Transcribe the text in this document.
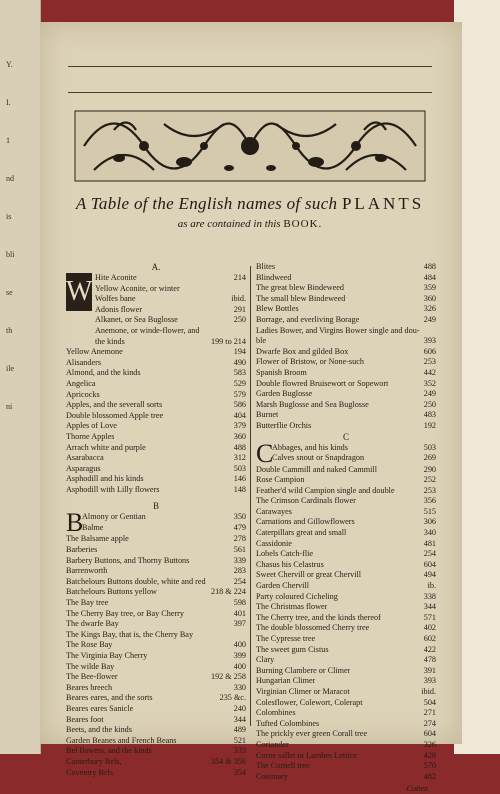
Y.
I.
1
nd
is
bli
se
th
ile
ni
A Table of the English names of such PLANTS
as are contained in this BOOK.
A.
W Hite Aconite	214
Yellow Aconite, or winter
Wolfes bane	ibid.
Adonis flower	291
Alkanet, or Sea Buglosse	250
Anemone, or winde-flower, and
the kinds	199 to 214
Yellow Anemone	194
Alisanders	490
Almond, and the kinds	583
Angelica	529
Apricocks	579
Apples, and the severall sorts	586
Double blossomed Apple tree	404
Apples of Love	379
Thorne Apples	360
Arrach white and purple	488
Asarabacca	312
Asparagus	503
Asphodill and his kinds	146
Asphodill with Lilly flowers	148
B
B
Almony or Gentian	350
Balme	479
The Balsame apple	278
Barberies	561
Barbery Buttons, and Thorny Buttons	339
Barrenworth	283
Batchelours Buttons double, white and red	254
Batchelours Buttons yellow	218 & 224
The Bay tree	598
The Cherry Bay tree, or Bay Cherry	401
The dwarfe Bay	397
The Kings Bay, that is, the Cherry Bay
The Rose Bay	400
The Virginia Bay Cherry	399
The wilde Bay	400
The Bee-flower	192 & 258
Beares breech	330
Beares eares, and the sorts	235 &c.
Beares eares Sanicle	240
Beares foot	344
Beets, and the kinds	489
Garden Beanes and French Beans	521
Bel flowers, and the kinds	333
Canterbury Bels,	354 & 356
Coventry Bels	354
Blites	488
Blindweed	484
The great blew Bindeweed	359
The small blew Bindeweed	360
Blew Bottles	326
Borrage, and everliving Borage	249
Ladies Bower, and Virgins Bower single and dou-
ble	393
Dwarfe Box and gilded Box	606
Flower of Bristow, or None-such	253
Spanish Broom	442
Double flowred Bruisewort or Sopewort	352
Garden Buglosse	249
Marsh Buglosse and Sea Buglosse	250
Burnet	483
Butterflie Orchis	192
C
C
Abbages, and his kinds	503
Calves snout or Snapdragon	269
Double Cammill and naked Cammill	290
Rose Campion	252
Feather'd wild Campion single and double	253
The Crimson Cardinals flower	356
Carawayes	515
Carnations and Gillowflowers	306
Caterpillars great and small	340
Cassidonie	481
Lobels Catch-flie	254
Chasus his Celastrus	604
Sweet Chervill or great Chervill	494
Garden Chervill	ib.
Party coloured Cicheling	338
The Christmas flower	344
The Cherry tree, and the kinds thereof	571
The double blossomed Cherry tree	402
The Cypresse tree	602
The sweet gum Cistus	422
Clary	478
Burning Clambere or Climer	391
Hungarian Climer	393
Virginian Climer or Maracot	ibid.
Colesflower, Colewort, Colerapt	504
Colombines	271
Tufted Colombines	274
The prickly ever green Corall tree	604
Coriander	326
Corne sallet or Lambes Lettice	428
The Cornell tree	570
Costmary	482
Cotten
